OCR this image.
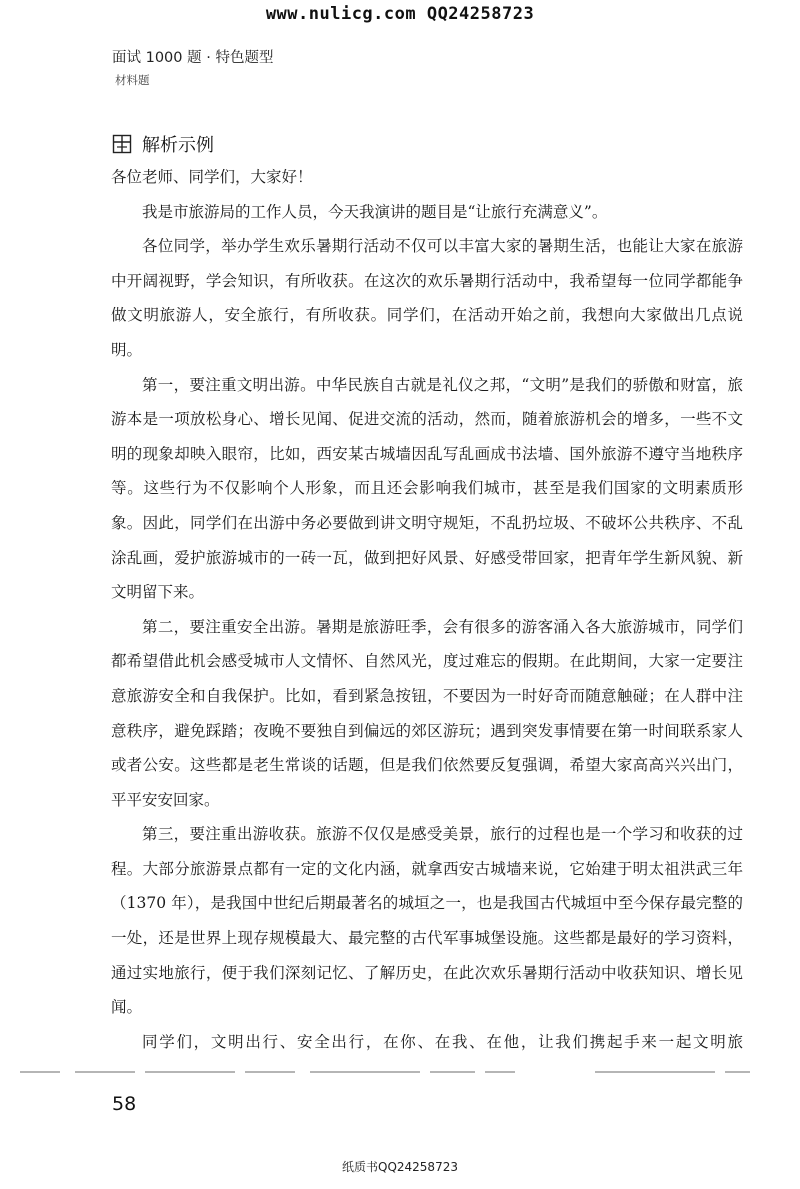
www.nulicg.com QQ24258723
面试 1000 题 · 特色题型
材料题
解析示例

各位老师、同学们，大家好！

我是市旅游局的工作人员，今天我演讲的题目是“让旅行充满意义”。

各位同学，举办学生欢乐暑期行活动不仅可以丰富大家的暑期生活，也能让大家在旅游中开阔视野，学会知识，有所收获。在这次的欢乐暑期行活动中，我希望每一位同学都能争做文明旅游人，安全旅行，有所收获。同学们，在活动开始之前，我想向大家做出几点说明。

第一，要注重文明出游。中华民族自古就是礼仪之邦，“文明”是我们的骄傲和财富，旅游本是一项放松身心、增长见闻、促进交流的活动，然而，随着旅游机会的增多，一些不文明的现象却映入眼帘，比如，西安某古城墙因乱写乱画成书法墙、国外旅游不遵守当地秩序等。这些行为不仅影响个人形象，而且还会影响我们城市，甚至是我们国家的文明素质形象。因此，同学们在出游中务必要做到讲文明守规矩，不乱扔垃圾、不破坏公共秩序、不乱涂乱画，爱护旅游城市的一砖一瓦，做到把好风景、好感受带回家，把青年学生新风貌、新文明留下来。

第二，要注重安全出游。暑期是旅游旺季，会有很多的游客涌入各大旅游城市，同学们都希望借此机会感受城市人文情怀、自然风光，度过难忘的假期。在此期间，大家一定要注意旅游安全和自我保护。比如，看到紧急按钮，不要因为一时好奇而随意触碰；在人群中注意秩序，避免踩踏；夜晚不要独自到偏远的郊区游玩；遇到突发事情要在第一时间联系家人或者公安。这些都是老生常谈的话题，但是我们依然要反复强调，希望大家高高兴兴出门，平平安安回家。

第三，要注重出游收获。旅游不仅仅是感受美景，旅行的过程也是一个学习和收获的过程。大部分旅游景点都有一定的文化内涵，就拿西安古城墙来说，它始建于明太祖洪武三年（1370 年），是我国中世纪后期最著名的城垣之一，也是我国古代城垣中至今保存最完整的一处，还是世界上现存规模最大、最完整的古代军事城堡设施。这些都是最好的学习资料，通过实地旅行，便于我们深刻记忆、了解历史，在此次欢乐暑期行活动中收获知识、增长见闻。

同学们，文明出行、安全出行，在你、在我、在他，让我们携起手来一起文明旅

58
纸质书QQ24258723
